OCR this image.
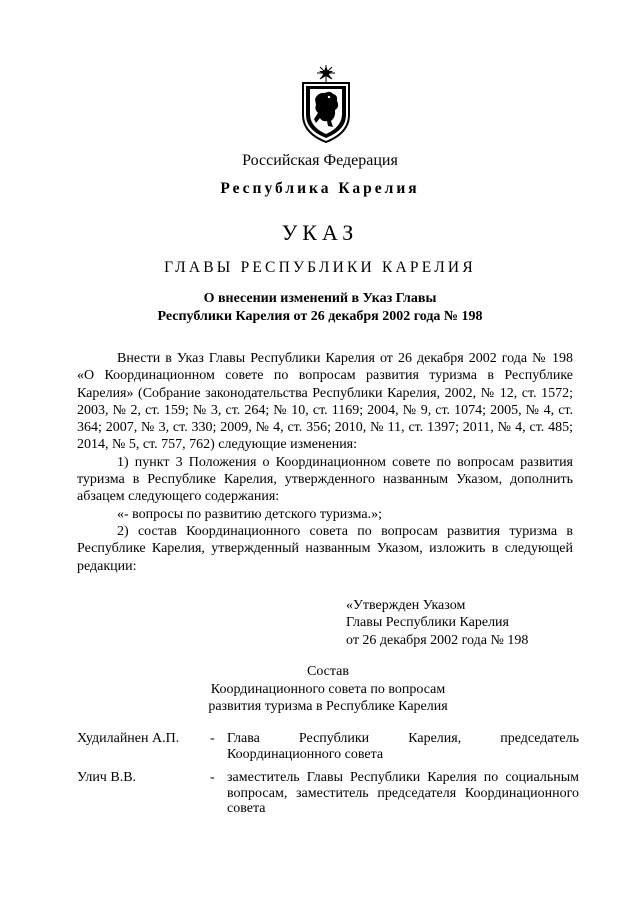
Российская Федерация
Республика Карелия
УКАЗ
ГЛАВЫ РЕСПУБЛИКИ КАРЕЛИЯ
О внесении изменений в Указ Главы
Республики Карелия от 26 декабря 2002 года № 198

Внести в Указ Главы Республики Карелия от 26 декабря 2002 года № 198 «О Координационном совете по вопросам развития туризма в Республике Карелия» (Собрание законодательства Республики Карелия, 2002, № 12, ст. 1572; 2003, № 2, ст. 159; № 3, ст. 264; № 10, ст. 1169; 2004, № 9, ст. 1074; 2005, № 4, ст. 364; 2007, № 3, ст. 330; 2009, № 4, ст. 356; 2010, № 11, ст. 1397; 2011, № 4, ст. 485; 2014, № 5, ст. 757, 762) следующие изменения:

1) пункт 3 Положения о Координационном совете по вопросам развития туризма в Республике Карелия, утвержденного названным Указом, дополнить абзацем следующего содержания:

«- вопросы по развитию детского туризма.»;

2) состав Координационного совета по вопросам развития туризма в Республике Карелия, утвержденный названным Указом, изложить в следующей редакции:

«Утвержден Указом
Главы Республики Карелия
от 26 декабря 2002 года № 198
Состав
Координационного совета по вопросам
развития туризма в Республике Карелия
Худилайнен А.П. - Глава Республики Карелия, председатель Координационного совета
Улич В.В.	- заместитель Главы Республики Карелия по социальным вопросам, заместитель председателя Координационного совета
